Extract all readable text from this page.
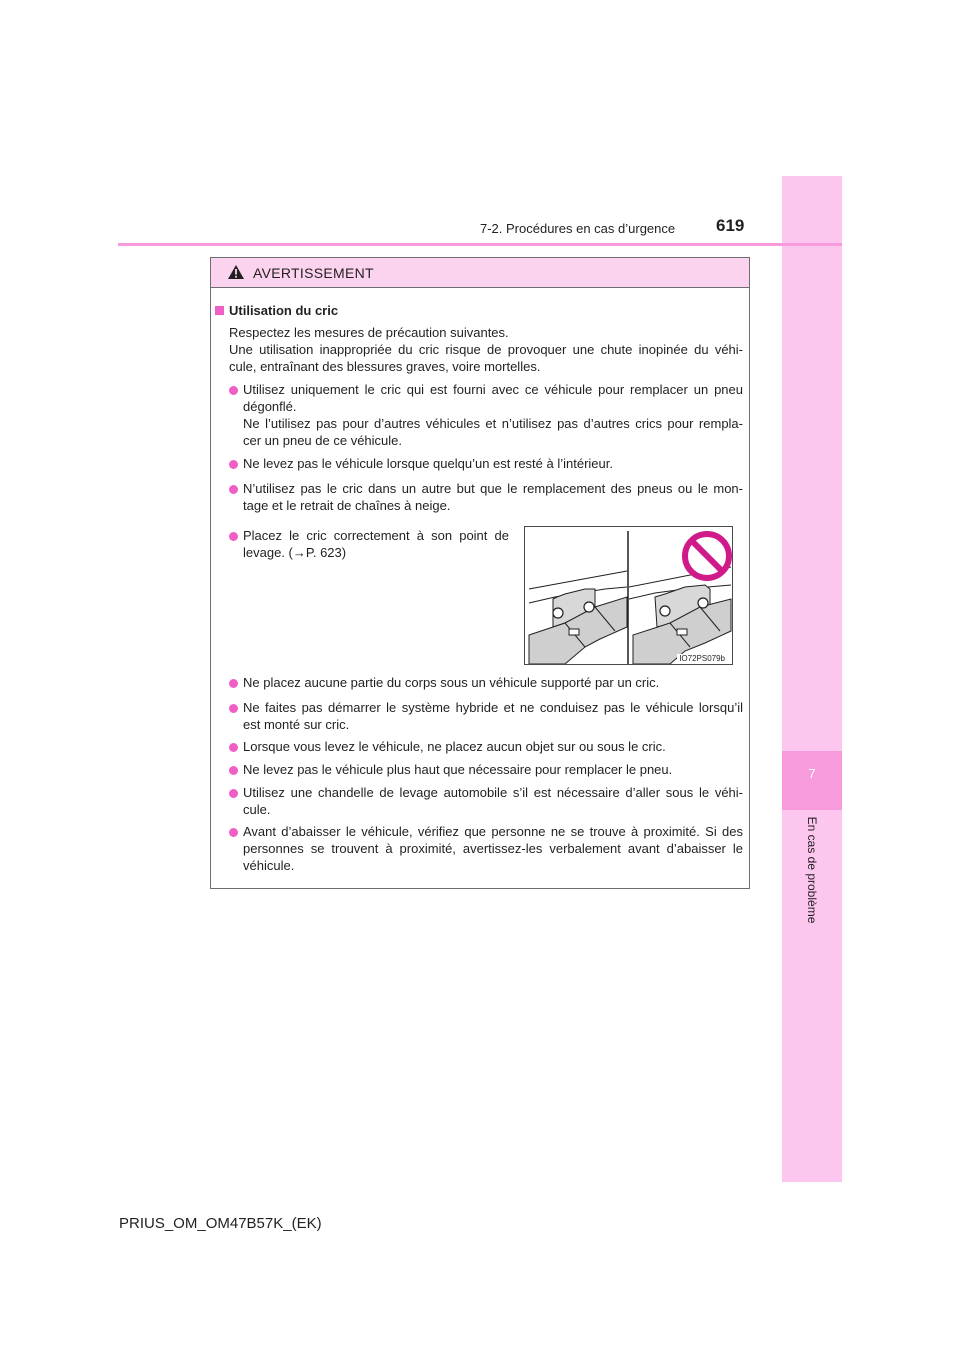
7
En cas de problème
7-2. Procédures en cas d’urgence	619
AVERTISSEMENT
Utilisation du cric
Respectez les mesures de précaution suivantes.
Une utilisation inappropriée du cric risque de provoquer une chute inopinée du véhi-
cule, entraînant des blessures graves, voire mortelles.
Utilisez uniquement le cric qui est fourni avec ce véhicule pour remplacer un pneu
dégonflé.
Ne l’utilisez pas pour d’autres véhicules et n’utilisez pas d’autres crics pour rempla-
cer un pneu de ce véhicule.
Ne levez pas le véhicule lorsque quelqu’un est resté à l’intérieur.
N’utilisez pas le cric dans un autre but que le remplacement des pneus ou le mon-
tage et le retrait de chaînes à neige.
Placez le cric correctement à son point de
levage. (→P. 623)
Ne placez aucune partie du corps sous un véhicule supporté par un cric.
Ne faites pas démarrer le système hybride et ne conduisez pas le véhicule lorsqu’il
est monté sur cric.
Lorsque vous levez le véhicule, ne placez aucun objet sur ou sous le cric.
Ne levez pas le véhicule plus haut que nécessaire pour remplacer le pneu.
Utilisez une chandelle de levage automobile s’il est nécessaire d’aller sous le véhi-
cule.
Avant d’abaisser le véhicule, vérifiez que personne ne se trouve à proximité. Si des
personnes se trouvent à proximité, avertissez-les verbalement avant d’abaisser le
véhicule.
IO72PS079b
PRIUS_OM_OM47B57K_(EK)
